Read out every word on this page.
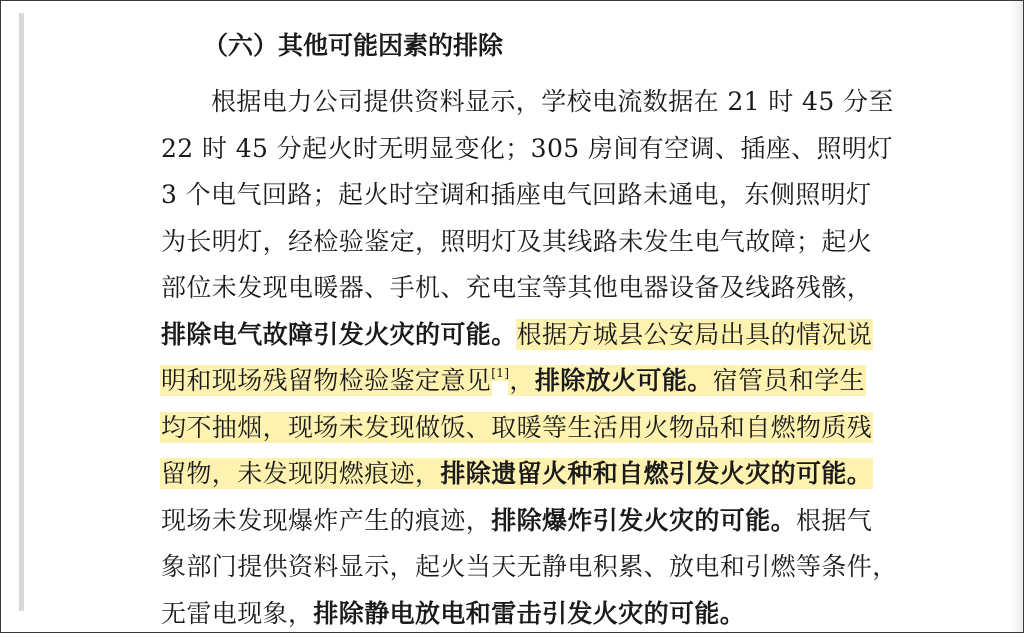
（六）其他可能因素的排除
根据电力公司提供资料显示，学校电流数据在 21 时 45 分至
22 时 45 分起火时无明显变化；305 房间有空调、插座、照明灯
3 个电气回路；起火时空调和插座电气回路未通电，东侧照明灯
为长明灯，经检验鉴定，照明灯及其线路未发生电气故障；起火
部位未发现电暖器、手机、充电宝等其他电器设备及线路残骸，
排除电气故障引发火灾的可能。根据方城县公安局出具的情况说
明和现场残留物检验鉴定意见[1]，排除放火可能。宿管员和学生
均不抽烟，现场未发现做饭、取暖等生活用火物品和自燃物质残
留物，未发现阴燃痕迹，排除遗留火种和自燃引发火灾的可能。
现场未发现爆炸产生的痕迹，排除爆炸引发火灾的可能。根据气
象部门提供资料显示，起火当天无静电积累、放电和引燃等条件，
无雷电现象，排除静电放电和雷击引发火灾的可能。
